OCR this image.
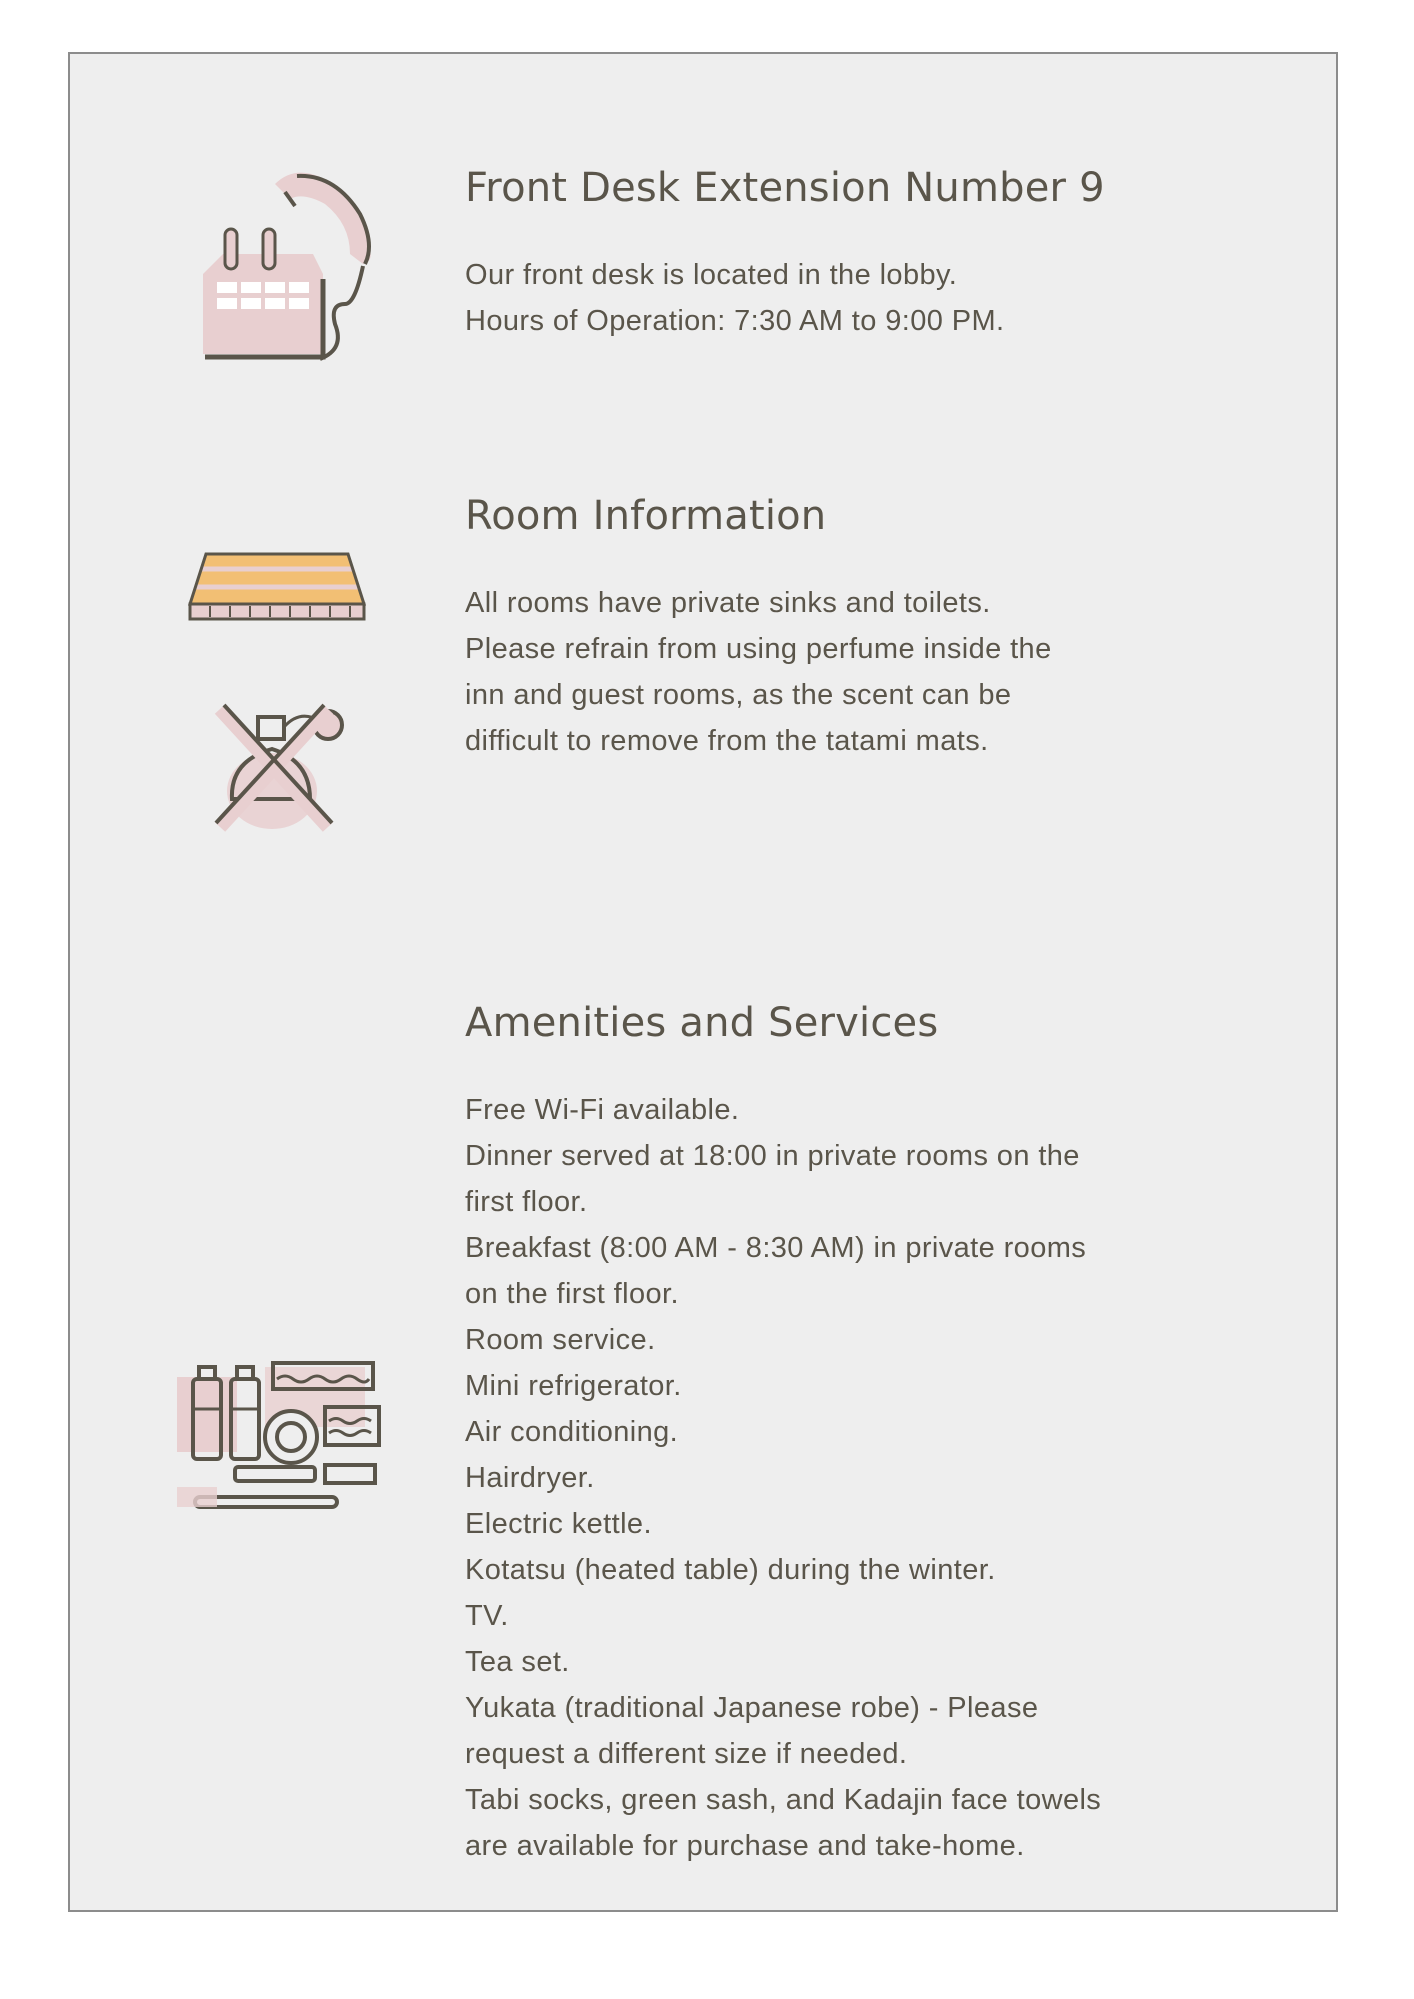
Front Desk Extension Number 9
Our front desk is located in the lobby.
Hours of Operation: 7:30 AM to 9:00 PM.
Room Information
All rooms have private sinks and toilets.
Please refrain from using perfume inside the
inn and guest rooms, as the scent can be
difficult to remove from the tatami mats.
Amenities and Services
Free Wi-Fi available.
Dinner served at 18:00 in private rooms on the
first floor.
Breakfast (8:00 AM - 8:30 AM) in private rooms
on the first floor.
Room service.
Mini refrigerator.
Air conditioning.
Hairdryer.
Electric kettle.
Kotatsu (heated table) during the winter.
TV.
Tea set.
Yukata (traditional Japanese robe) - Please
request a different size if needed.
Tabi socks, green sash, and Kadajin face towels
are available for purchase and take-home.
